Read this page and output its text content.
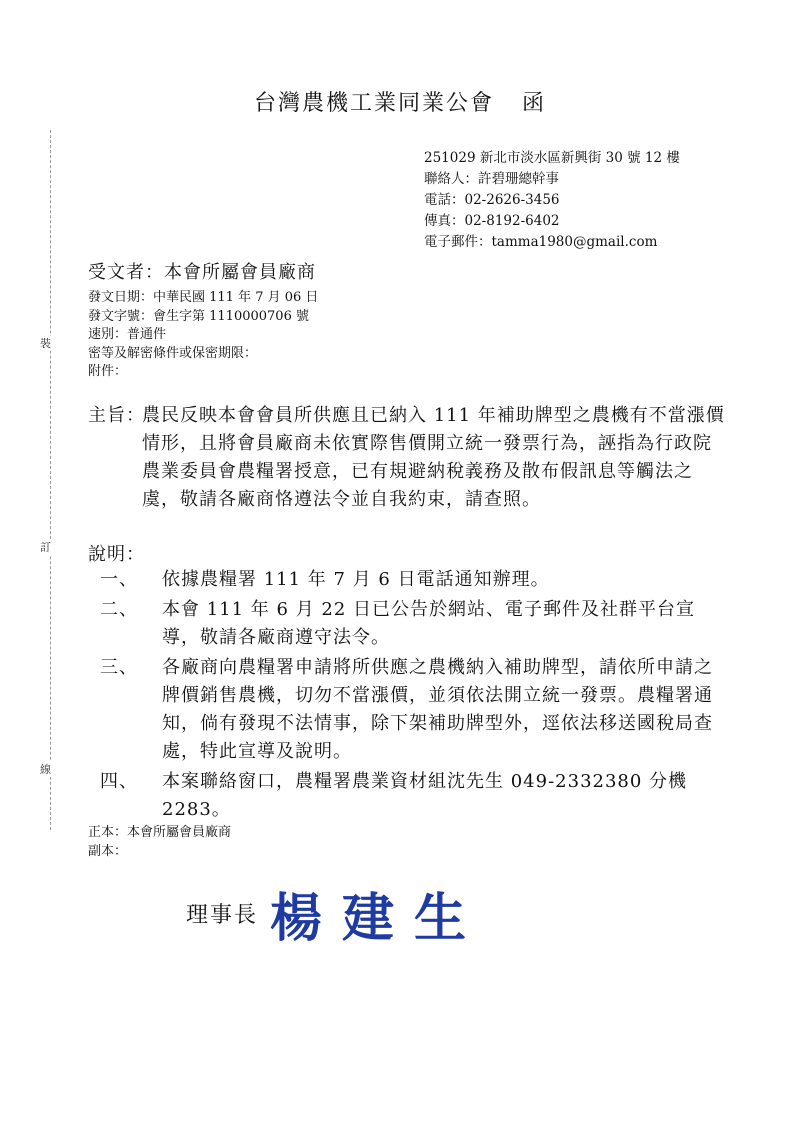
裝
訂
線
台灣農機工業同業公會 函
251029 新北市淡水區新興街 30 號 12 樓
聯絡人：許碧珊總幹事
電話：02-2626-3456
傳真：02-8192-6402
電子郵件：tamma1980@gmail.com
受文者：本會所屬會員廠商
發文日期：中華民國 111 年 7 月 06 日
發文字號：會生字第 1110000706 號
速別：普通件
密等及解密條件或保密期限：
附件：
主旨：
農民反映本會會員所供應且已納入 111 年補助牌型之農機有不當漲價情形，且將會員廠商未依實際售價開立統一發票行為，誣指為行政院農業委員會農糧署授意，已有規避納稅義務及散布假訊息等觸法之虞，敬請各廠商恪遵法令並自我約束，請查照。
說明：
一、 依據農糧署 111 年 7 月 6 日電話通知辦理。
二、 本會 111 年 6 月 22 日已公告於網站、電子郵件及社群平台宣導，敬請各廠商遵守法令。
三、 各廠商向農糧署申請將所供應之農機納入補助牌型，請依所申請之牌價銷售農機，切勿不當漲價，並須依法開立統一發票。農糧署通知，倘有發現不法情事，除下架補助牌型外，逕依法移送國稅局查處，特此宣導及說明。
四、 本案聯絡窗口，農糧署農業資材組沈先生 049-2332380 分機 2283。
正本：本會所屬會員廠商
副本：
理事長 楊建生
